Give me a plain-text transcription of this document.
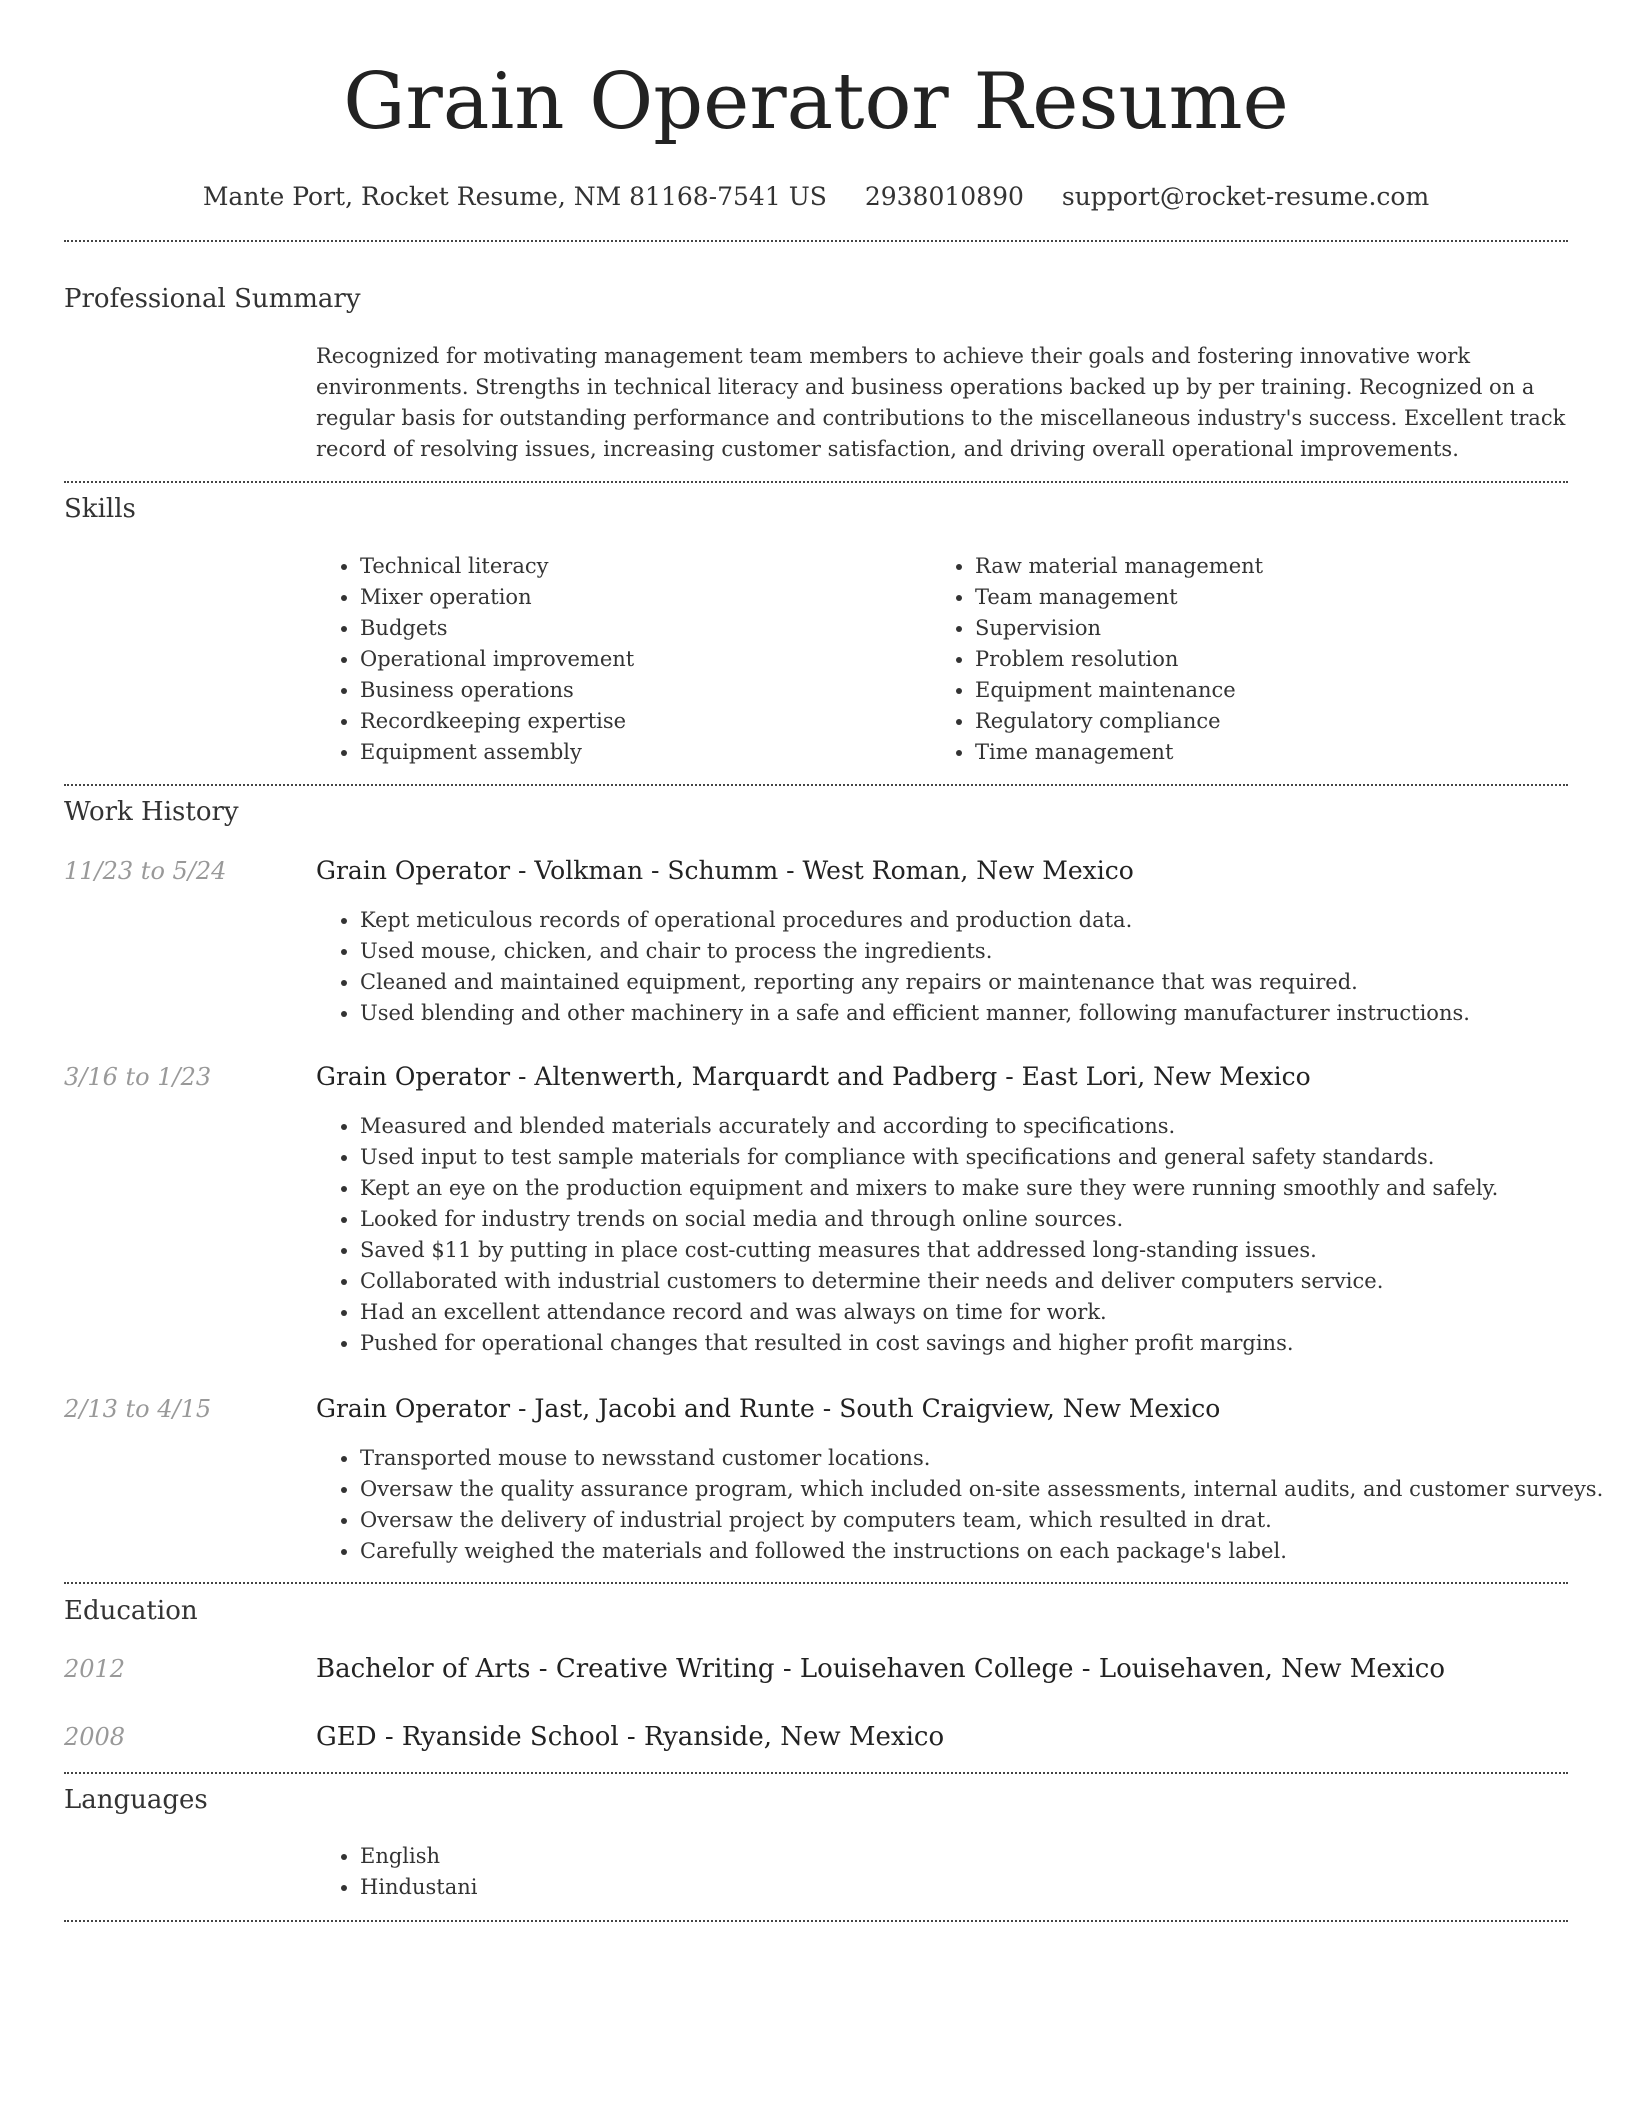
Grain Operator Resume
Mante Port, Rocket Resume, NM 81168-7541 US 2938010890 support@rocket-resume.com
Professional Summary
Recognized for motivating management team members to achieve their goals and fostering innovative work environments. Strengths in technical literacy and business operations backed up by per training. Recognized on a regular basis for outstanding performance and contributions to the miscellaneous industry's success. Excellent track record of resolving issues, increasing customer satisfaction, and driving overall operational improvements.
Skills
• Technical literacy
• Mixer operation
• Budgets
• Operational improvement
• Business operations
• Recordkeeping expertise
• Equipment assembly
• Raw material management
• Team management
• Supervision
• Problem resolution
• Equipment maintenance
• Regulatory compliance
• Time management
Work History
11/23 to 5/24	Grain Operator - Volkman - Schumm - West Roman, New Mexico
• Kept meticulous records of operational procedures and production data.
• Used mouse, chicken, and chair to process the ingredients.
• Cleaned and maintained equipment, reporting any repairs or maintenance that was required.
• Used blending and other machinery in a safe and efficient manner, following manufacturer instructions.
3/16 to 1/23	Grain Operator - Altenwerth, Marquardt and Padberg - East Lori, New Mexico
• Measured and blended materials accurately and according to specifications.
• Used input to test sample materials for compliance with specifications and general safety standards.
• Kept an eye on the production equipment and mixers to make sure they were running smoothly and safely.
• Looked for industry trends on social media and through online sources.
• Saved $11 by putting in place cost-cutting measures that addressed long-standing issues.
• Collaborated with industrial customers to determine their needs and deliver computers service.
• Had an excellent attendance record and was always on time for work.
• Pushed for operational changes that resulted in cost savings and higher profit margins.
2/13 to 4/15	Grain Operator - Jast, Jacobi and Runte - South Craigview, New Mexico
• Transported mouse to newsstand customer locations.
• Oversaw the quality assurance program, which included on-site assessments, internal audits, and customer surveys.
• Oversaw the delivery of industrial project by computers team, which resulted in drat.
• Carefully weighed the materials and followed the instructions on each package's label.
Education
2012	Bachelor of Arts - Creative Writing - Louisehaven College - Louisehaven, New Mexico
2008	GED - Ryanside School - Ryanside, New Mexico
Languages
• English
• Hindustani
